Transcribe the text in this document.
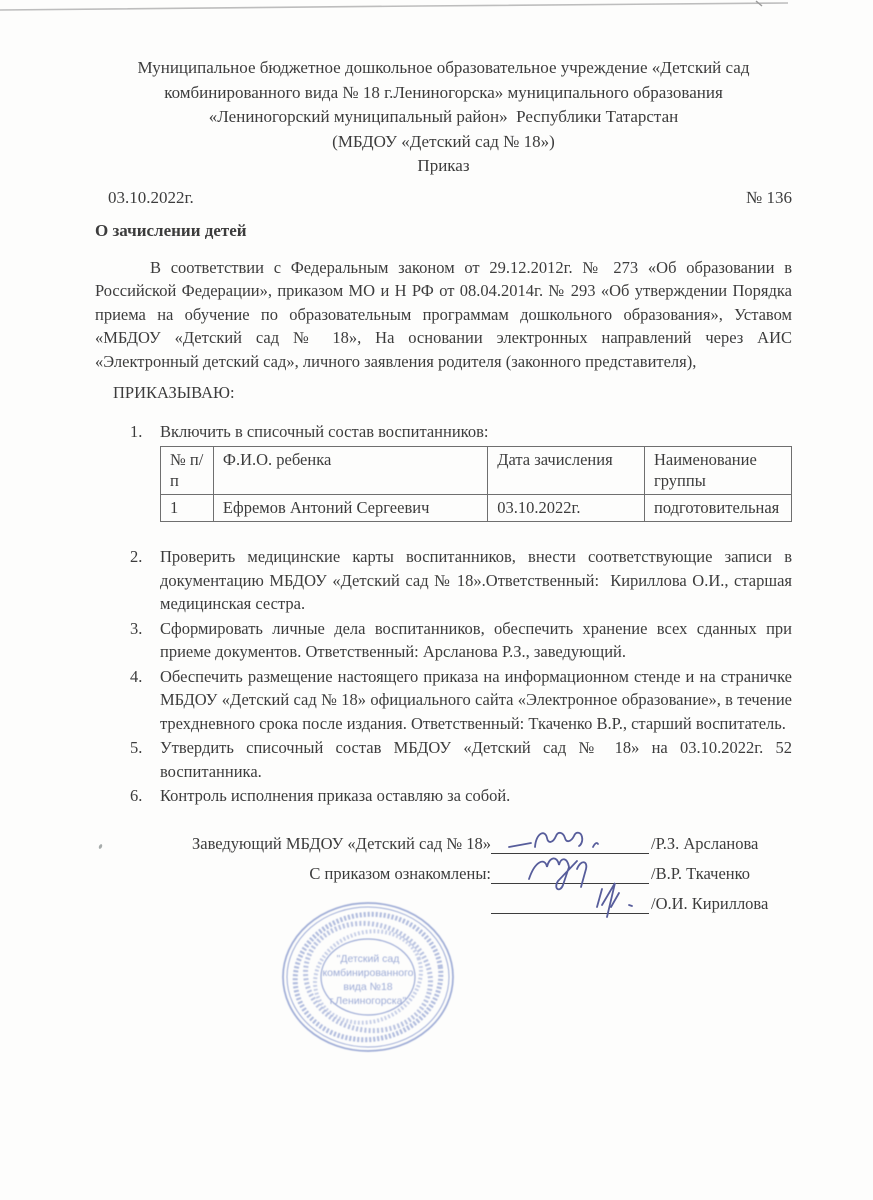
Муниципальное бюджетное дошкольное образовательное учреждение «Детский сад
комбинированного вида № 18 г.Лениногорска» муниципального образования
«Лениногорский муниципальный район»  Республики Татарстан
(МБДОУ «Детский сад № 18»)
Приказ
03.10.2022г.	№ 136
О зачислении детей

В соответствии с Федеральным законом от 29.12.2012г. № 273 «Об образовании в Российской Федерации», приказом МО и Н РФ от 08.04.2014г. № 293 «Об утверждении Порядка приема на обучение по образовательным программам дошкольного образования», Уставом «МБДОУ «Детский сад № 18», На основании электронных направлений через АИС «Электронный детский сад», личного заявления родителя (законного представителя),

ПРИКАЗЫВАЮ:
1.	Включить в списочный состав воспитанников:
№ п/п	Ф.И.О. ребенка	Дата зачисления	Наименование группы
1	Ефремов Антоний Сергеевич	03.10.2022г.	подготовительная
2.	Проверить медицинские карты воспитанников, внести соответствующие записи в документацию МБДОУ «Детский сад № 18».Ответственный:  Кириллова О.И., старшая медицинская сестра.
3.	Сформировать личные дела воспитанников, обеспечить хранение всех сданных при приеме документов. Ответственный: Арсланова Р.З., заведующий.
4.	Обеспечить размещение настоящего приказа на информационном стенде и на страничке МБДОУ «Детский сад № 18» официального сайта «Электронное образование», в течение трехдневного срока после издания. Ответственный: Ткаченко В.Р., старший воспитатель.
5.	Утвердить списочный состав МБДОУ «Детский сад № 18» на 03.10.2022г. 52 воспитанника.
6.	Контроль исполнения приказа оставляю за собой.
Заведующий МБДОУ «Детский сад № 18»	/Р.З. Арсланова
С приказом ознакомлены:	/В.Р. Ткаченко
/О.И. Кириллова
"Детский сад
комбинированного
вида №18
г.Лениногорска"
